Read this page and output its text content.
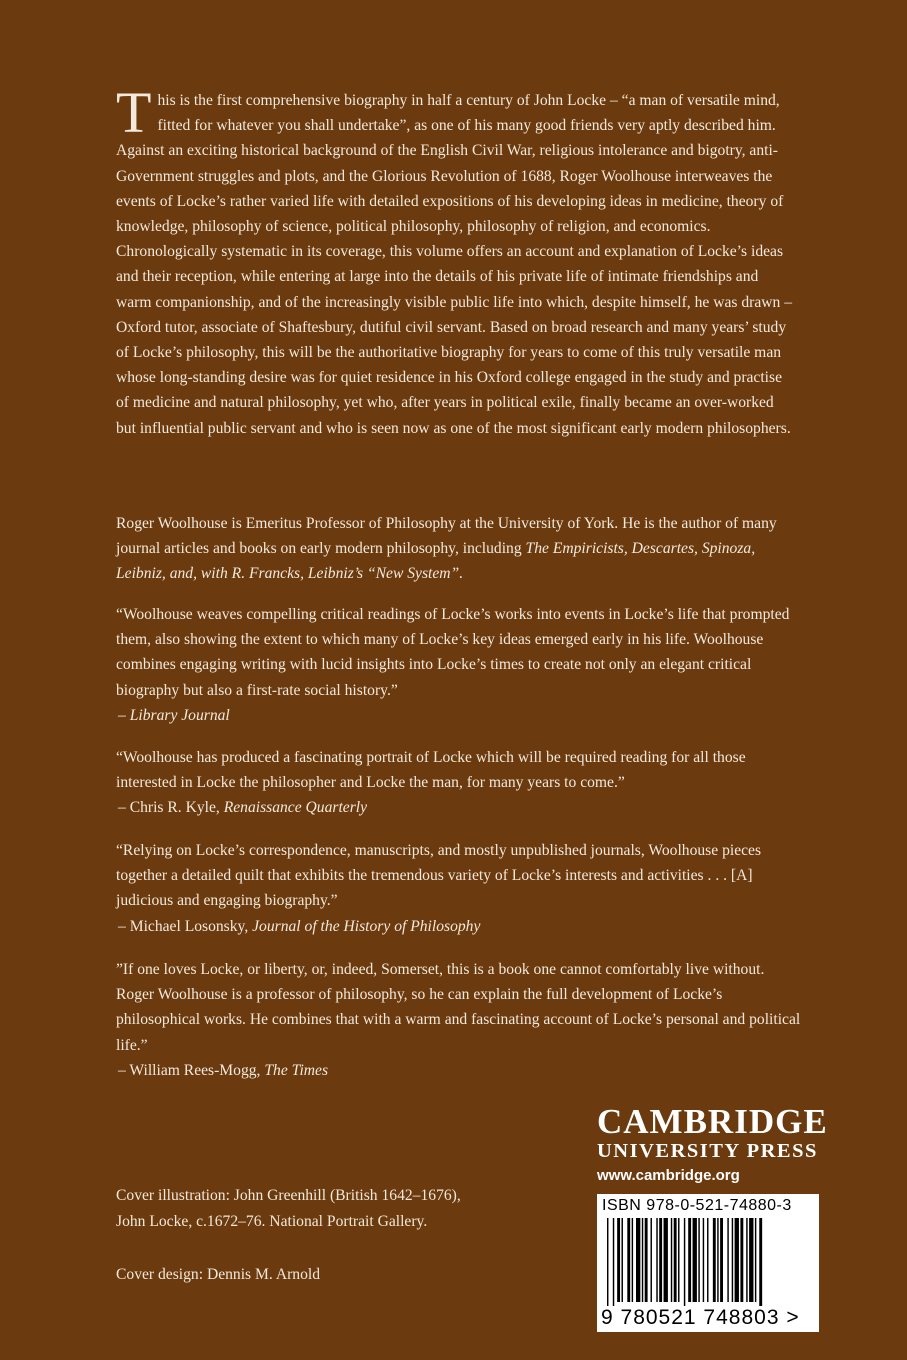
This is the first comprehensive biography in half a century of John Locke – “a man of versatile mind, fitted for whatever you shall undertake”, as one of his many good friends very aptly described him. Against an exciting historical background of the English Civil War, religious intolerance and bigotry, anti-Government struggles and plots, and the Glorious Revolution of 1688, Roger Woolhouse interweaves the events of Locke’s rather varied life with detailed expositions of his developing ideas in medicine, theory of knowledge, philosophy of science, political philosophy, philosophy of religion, and economics. Chronologically systematic in its coverage, this volume offers an account and explanation of Locke’s ideas and their reception, while entering at large into the details of his private life of intimate friendships and warm companionship, and of the increasingly visible public life into which, despite himself, he was drawn – Oxford tutor, associate of Shaftesbury, dutiful civil servant. Based on broad research and many years’ study of Locke’s philosophy, this will be the authoritative biography for years to come of this truly versatile man whose long-standing desire was for quiet residence in his Oxford college engaged in the study and practise of medicine and natural philosophy, yet who, after years in political exile, finally became an over-worked but influential public servant and who is seen now as one of the most significant early modern philosophers.

Roger Woolhouse is Emeritus Professor of Philosophy at the University of York. He is the author of many journal articles and books on early modern philosophy, including The Empiricists, Descartes, Spinoza, Leibniz, and, with R. Francks, Leibniz’s “New System”.

“Woolhouse weaves compelling critical readings of Locke’s works into events in Locke’s life that prompted them, also showing the extent to which many of Locke’s key ideas emerged early in his life. Woolhouse combines engaging writing with lucid insights into Locke’s times to create not only an elegant critical biography but also a first-rate social history.”
– Library Journal

“Woolhouse has produced a fascinating portrait of Locke which will be required reading for all those interested in Locke the philosopher and Locke the man, for many years to come.”
– Chris R. Kyle, Renaissance Quarterly

“Relying on Locke’s correspondence, manuscripts, and mostly unpublished journals, Woolhouse pieces together a detailed quilt that exhibits the tremendous variety of Locke’s interests and activities . . . [A] judicious and engaging biography.”
– Michael Losonsky, Journal of the History of Philosophy

”If one loves Locke, or liberty, or, indeed, Somerset, this is a book one cannot comfortably live without. Roger Woolhouse is a professor of philosophy, so he can explain the full development of Locke’s philosophical works. He combines that with a warm and fascinating account of Locke’s personal and political life.”
– William Rees-Mogg, The Times

Cover illustration: John Greenhill (British 1642–1676),
John Locke, c.1672–76. National Portrait Gallery.
Cover design: Dennis M. Arnold
CAMBRIDGE
UNIVERSITY PRESS
www.cambridge.org
ISBN 978-0-521-74880-3
9 780521 748803 >
